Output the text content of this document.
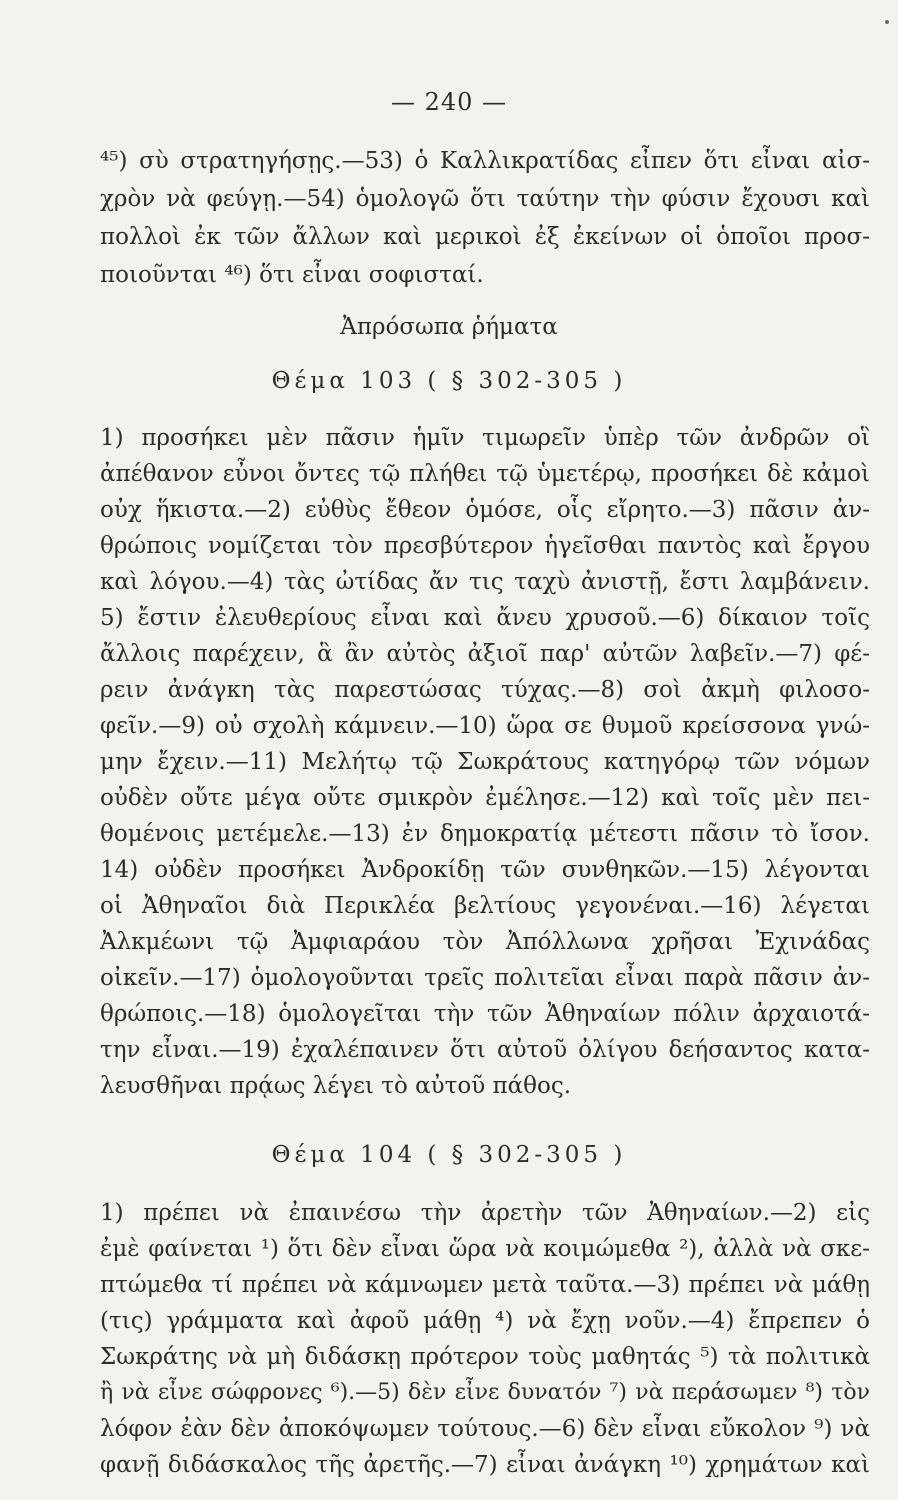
— 240 —
⁴⁵) σὺ στρατηγήσῃς.—53) ὁ Καλλικρατίδας εἶπεν ὅτι εἶναι αἰσ-
χρὸν νὰ φεύγῃ.—54) ὁμολογῶ ὅτι ταύτην τὴν φύσιν ἔχουσι καὶ
πολλοὶ ἐκ τῶν ἄλλων καὶ μερικοὶ ἐξ ἐκείνων οἱ ὁποῖοι προσ-
ποιοῦνται ⁴⁶) ὅτι εἶναι σοφισταί.
Ἀπρόσωπα ῥήματα
Θέμα 103 ( § 302-305 )
1) προσήκει μὲν πᾶσιν ἡμῖν τιμωρεῖν ὑπὲρ τῶν ἀνδρῶν οἳ
ἀπέθανον εὖνοι ὄντες τῷ πλήθει τῷ ὑμετέρῳ, προσήκει δὲ κἀμοὶ
οὐχ ἥκιστα.—2) εὐθὺς ἔθεον ὁμόσε, οἷς εἴρητο.—3) πᾶσιν ἀν-
θρώποις νομίζεται τὸν πρεσβύτερον ἡγεῖσθαι παντὸς καὶ ἔργου
καὶ λόγου.—4) τὰς ὠτίδας ἄν τις ταχὺ ἀνιστῇ, ἔστι λαμβάνειν.
5) ἔστιν ἐλευθερίους εἶναι καὶ ἄνευ χρυσοῦ.—6) δίκαιον τοῖς
ἄλλοις παρέχειν, ἃ ἂν αὐτὸς ἀξιοῖ παρ' αὐτῶν λαβεῖν.—7) φέ-
ρειν ἀνάγκη τὰς παρεστώσας τύχας.—8) σοὶ ἀκμὴ φιλοσο-
φεῖν.—9) οὐ σχολὴ κάμνειν.—10) ὥρα σε θυμοῦ κρείσσονα γνώ-
μην ἔχειν.—11) Μελήτῳ τῷ Σωκράτους κατηγόρῳ τῶν νόμων
οὐδὲν οὔτε μέγα οὔτε σμικρὸν ἐμέλησε.—12) καὶ τοῖς μὲν πει-
θομένοις μετέμελε.—13) ἐν δημοκρατίᾳ μέτεστι πᾶσιν τὸ ἴσον.
14) οὐδὲν προσήκει Ἀνδροκίδῃ τῶν συνθηκῶν.—15) λέγονται
οἱ Ἀθηναῖοι διὰ Περικλέα βελτίους γεγονέναι.—16) λέγεται
Ἀλκμέωνι τῷ Ἀμφιαράου τὸν Ἀπόλλωνα χρῆσαι Ἐχινάδας
οἰκεῖν.—17) ὁμολογοῦνται τρεῖς πολιτεῖαι εἶναι παρὰ πᾶσιν ἀν-
θρώποις.—18) ὁμολογεῖται τὴν τῶν Ἀθηναίων πόλιν ἀρχαιοτά-
την εἶναι.—19) ἐχαλέπαινεν ὅτι αὐτοῦ ὀλίγου δεήσαντος κατα-
λευσθῆναι πρᾴως λέγει τὸ αὐτοῦ πάθος.
Θέμα 104 ( § 302-305 )
1) πρέπει νὰ ἐπαινέσω τὴν ἀρετὴν τῶν Ἀθηναίων.—2) εἰς
ἐμὲ φαίνεται ¹) ὅτι δὲν εἶναι ὥρα νὰ κοιμώμεθα ²), ἀλλὰ νὰ σκε-
πτώμεθα τί πρέπει νὰ κάμνωμεν μετὰ ταῦτα.—3) πρέπει νὰ μάθῃ
(τις) γράμματα καὶ ἀφοῦ μάθῃ ⁴) νὰ ἔχῃ νοῦν.—4) ἔπρεπεν ὁ
Σωκράτης νὰ μὴ διδάσκῃ πρότερον τοὺς μαθητάς ⁵) τὰ πολιτικὰ
ἢ νὰ εἶνε σώφρονες ⁶).—5) δὲν εἶνε δυνατόν ⁷) νὰ περάσωμεν ⁸) τὸν
λόφον ἐὰν δὲν ἀποκόψωμεν τούτους.—6) δὲν εἶναι εὔκολον ⁹) νὰ
φανῇ διδάσκαλος τῆς ἀρετῆς.—7) εἶναι ἀνάγκη ¹⁰) χρημάτων καὶ
